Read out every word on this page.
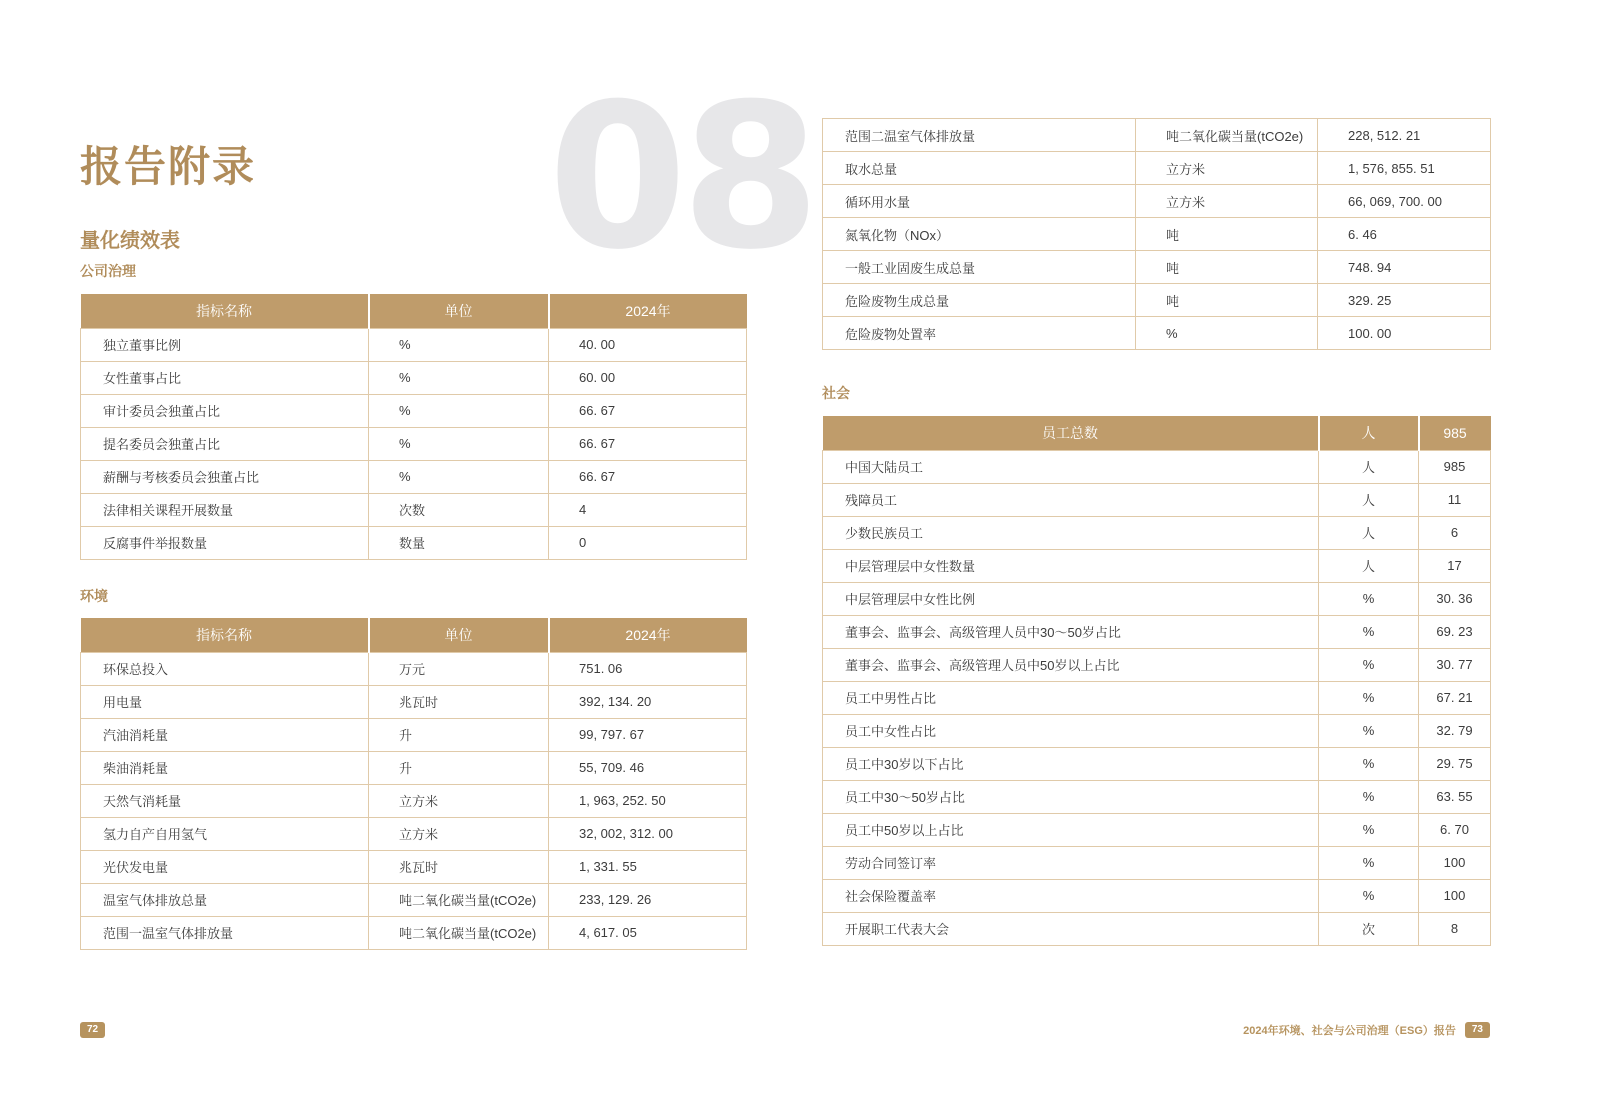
08
报告附录
量化绩效表
公司治理
指标名称	单位	2024年
独立董事比例	%	40. 00
女性董事占比	%	60. 00
审计委员会独董占比	%	66. 67
提名委员会独董占比	%	66. 67
薪酬与考核委员会独董占比	%	66. 67
法律相关课程开展数量	次数	4
反腐事件举报数量	数量	0
环境
指标名称	单位	2024年
环保总投入	万元	751. 06
用电量	兆瓦时	392, 134. 20
汽油消耗量	升	99, 797. 67
柴油消耗量	升	55, 709. 46
天然气消耗量	立方米	1, 963, 252. 50
氢力自产自用氢气	立方米	32, 002, 312. 00
光伏发电量	兆瓦时	1, 331. 55
温室气体排放总量	吨二氧化碳当量(tCO2e)	233, 129. 26
范围一温室气体排放量	吨二氧化碳当量(tCO2e)	4, 617. 05
范围二温室气体排放量	吨二氧化碳当量(tCO2e)	228, 512. 21
取水总量	立方米	1, 576, 855. 51
循环用水量	立方米	66, 069, 700. 00
氮氧化物（NOx）	吨	6. 46
一般工业固废生成总量	吨	748. 94
危险废物生成总量	吨	329. 25
危险废物处置率	%	100. 00
社会
员工总数	人	985
中国大陆员工	人	985
残障员工	人	11
少数民族员工	人	6
中层管理层中女性数量	人	17
中层管理层中女性比例	%	30. 36
董事会、监事会、高级管理人员中30～50岁占比	%	69. 23
董事会、监事会、高级管理人员中50岁以上占比	%	30. 77
员工中男性占比	%	67. 21
员工中女性占比	%	32. 79
员工中30岁以下占比	%	29. 75
员工中30～50岁占比	%	63. 55
员工中50岁以上占比	%	6. 70
劳动合同签订率	%	100
社会保险覆盖率	%	100
开展职工代表大会	次	8
72	2024年环境、社会与公司治理（ESG）报告	73
